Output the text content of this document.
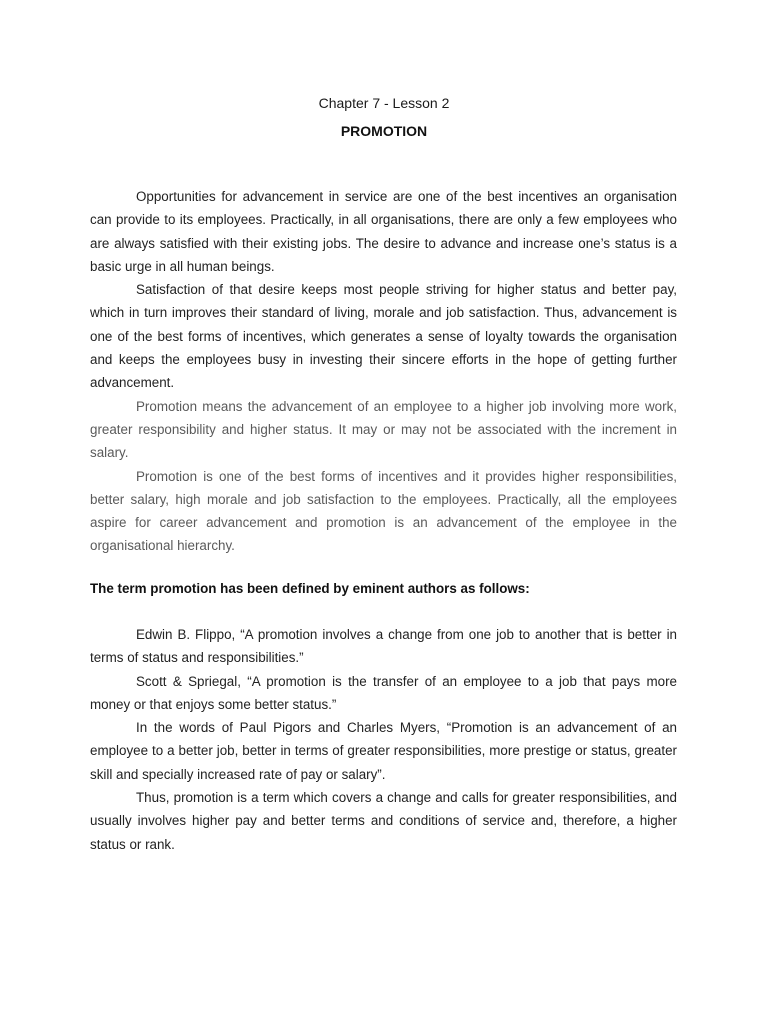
Chapter 7 - Lesson 2
PROMOTION

Opportunities for advancement in service are one of the best incentives an organisation can provide to its employees. Practically, in all organisations, there are only a few employees who are always satisfied with their existing jobs. The desire to advance and increase one’s status is a basic urge in all human beings.

Satisfaction of that desire keeps most people striving for higher status and better pay, which in turn improves their standard of living, morale and job satisfaction. Thus, advancement is one of the best forms of incentives, which generates a sense of loyalty towards the organisation and keeps the employees busy in investing their sincere efforts in the hope of getting further advancement.

Promotion means the advancement of an employee to a higher job involving more work, greater responsibility and higher status. It may or may not be associated with the increment in salary.

Promotion is one of the best forms of incentives and it provides higher responsibilities, better salary, high morale and job satisfaction to the employees. Practically, all the employees aspire for career advancement and promotion is an advancement of the employee in the organisational hierarchy.

The term promotion has been defined by eminent authors as follows:

Edwin B. Flippo, “A promotion involves a change from one job to another that is better in terms of status and responsibilities.”

Scott & Spriegal, “A promotion is the transfer of an employee to a job that pays more money or that enjoys some better status.”

In the words of Paul Pigors and Charles Myers, “Promotion is an advancement of an employee to a better job, better in terms of greater responsibilities, more prestige or status, greater skill and specially increased rate of pay or salary”.

Thus, promotion is a term which covers a change and calls for greater responsibilities, and usually involves higher pay and better terms and conditions of service and, therefore, a higher status or rank.
